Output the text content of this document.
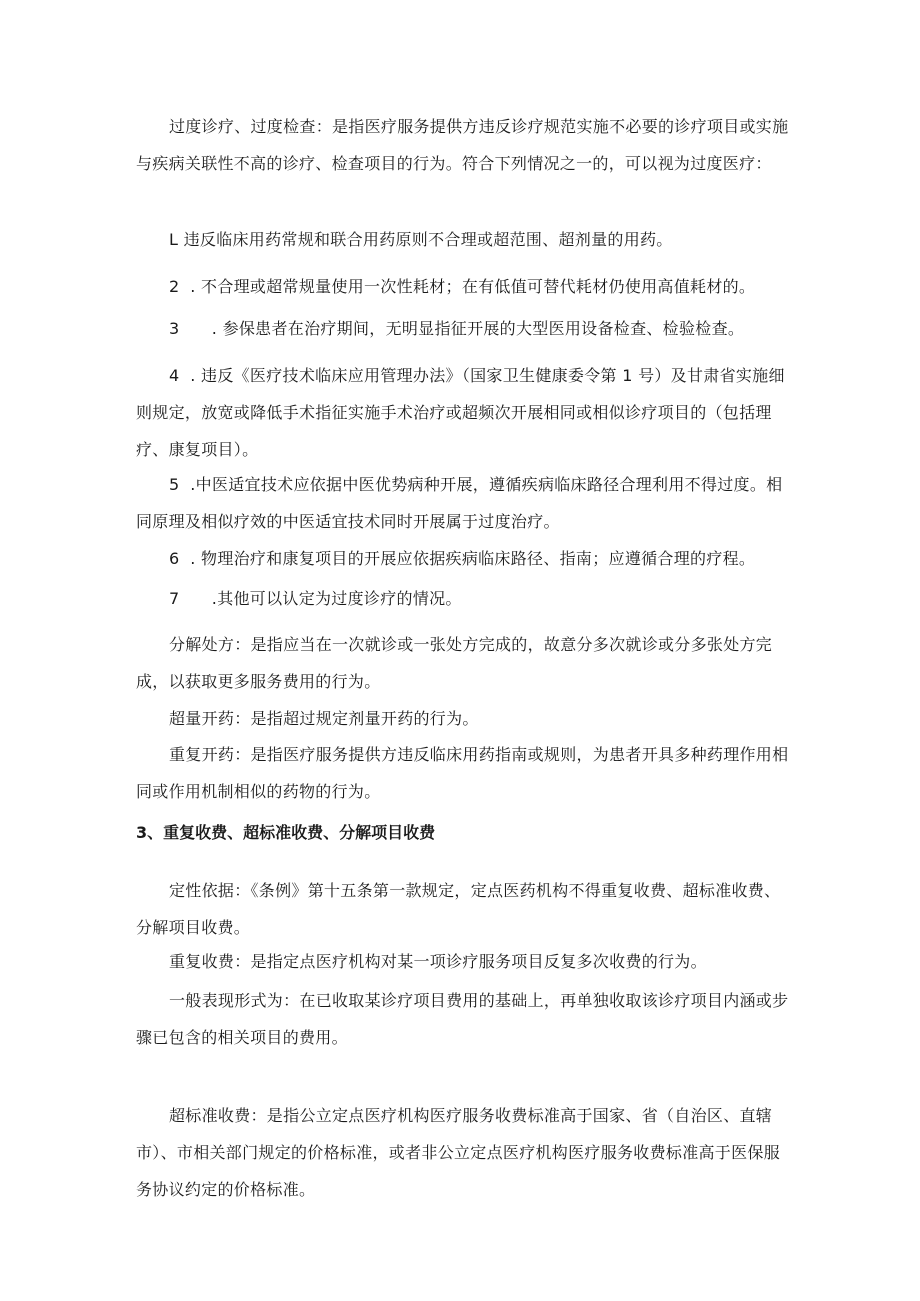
过度诊疗、过度检查：是指医疗服务提供方违反诊疗规范实施不必要的诊疗项目或实施与疾病关联性不高的诊疗、检查项目的行为。符合下列情况之一的，可以视为过度医疗：

L 违反临床用药常规和联合用药原则不合理或超范围、超剂量的用药。

2  . 不合理或超常规量使用一次性耗材；在有低值可替代耗材仍使用高值耗材的。

3      . 参保患者在治疗期间，无明显指征开展的大型医用设备检查、检验检查。

4  . 违反《医疗技术临床应用管理办法》（国家卫生健康委令第 1 号）及甘肃省实施细则规定，放宽或降低手术指征实施手术治疗或超频次开展相同或相似诊疗项目的（包括理疗、康复项目）。

5  .中医适宜技术应依据中医优势病种开展，遵循疾病临床路径合理利用不得过度。相同原理及相似疗效的中医适宜技术同时开展属于过度治疗。

6  . 物理治疗和康复项目的开展应依据疾病临床路径、指南；应遵循合理的疗程。

7      .其他可以认定为过度诊疗的情况。

分解处方：是指应当在一次就诊或一张处方完成的，故意分多次就诊或分多张处方完成，以获取更多服务费用的行为。

超量开药：是指超过规定剂量开药的行为。

重复开药：是指医疗服务提供方违反临床用药指南或规则，为患者开具多种药理作用相同或作用机制相似的药物的行为。

3、重复收费、超标准收费、分解项目收费

定性依据：《条例》第十五条第一款规定，定点医药机构不得重复收费、超标准收费、分解项目收费。

重复收费：是指定点医疗机构对某一项诊疗服务项目反复多次收费的行为。

一般表现形式为：在已收取某诊疗项目费用的基础上，再单独收取该诊疗项目内涵或步骤已包含的相关项目的费用。

超标准收费：是指公立定点医疗机构医疗服务收费标准高于国家、省（自治区、直辖市）、市相关部门规定的价格标准，或者非公立定点医疗机构医疗服务收费标准高于医保服务协议约定的价格标准。
